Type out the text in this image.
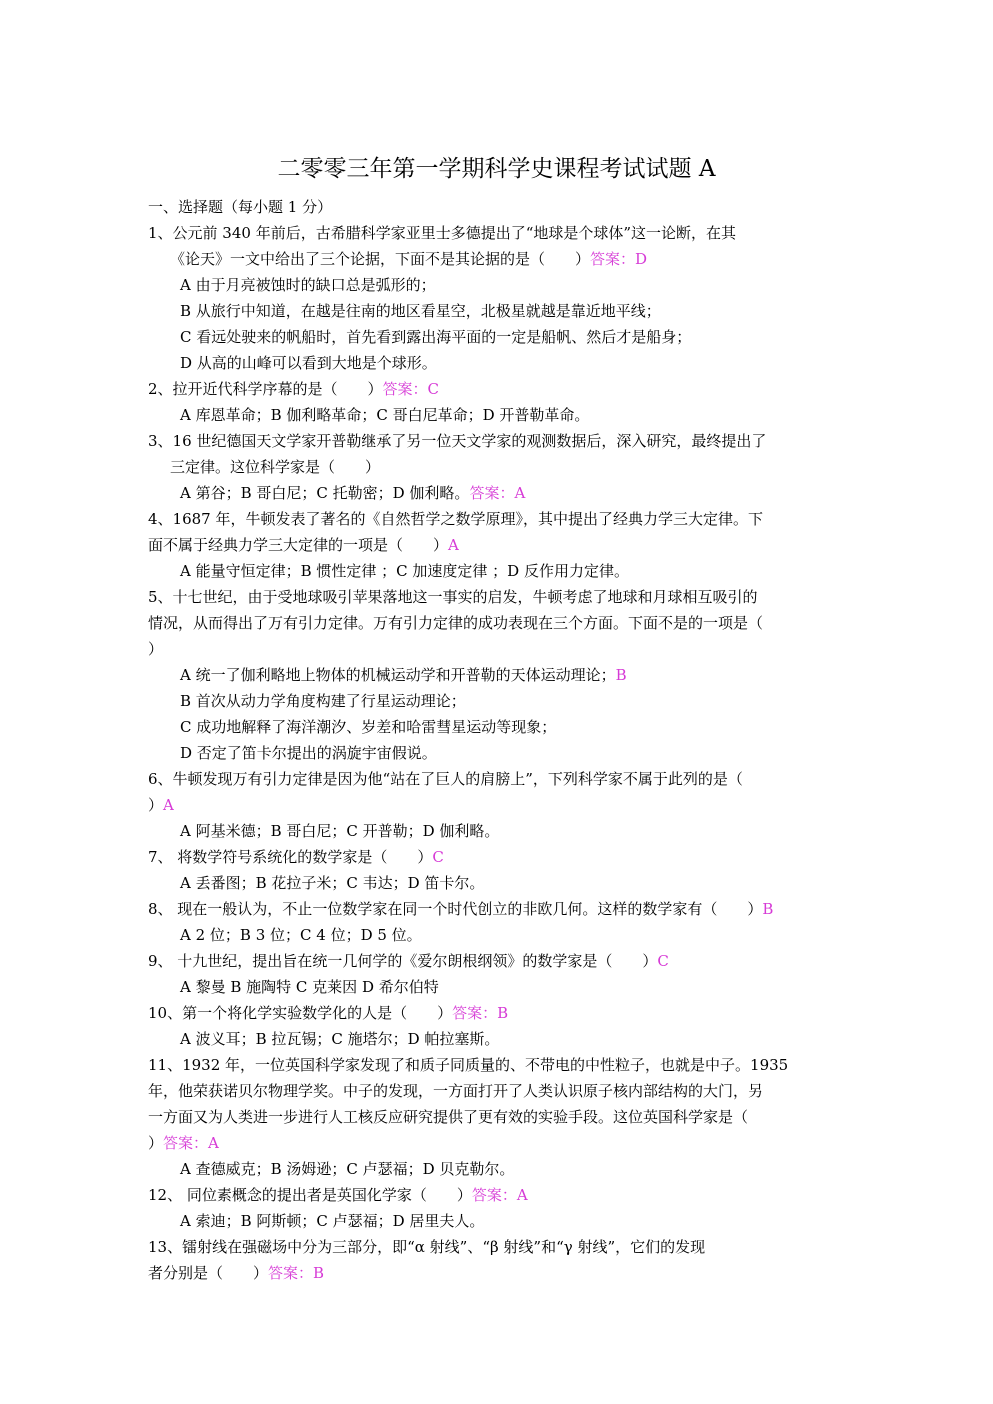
二零零三年第一学期科学史课程考试试题 A
一、选择题（每小题 1 分）
1、公元前 340 年前后，古希腊科学家亚里士多德提出了“地球是个球体”这一论断，在其
《论天》一文中给出了三个论据，下面不是其论据的是（　　）答案：D
A 由于月亮被蚀时的缺口总是弧形的；
B 从旅行中知道，在越是往南的地区看星空，北极星就越是靠近地平线；
C 看远处驶来的帆船时，首先看到露出海平面的一定是船帆、然后才是船身；
D 从高的山峰可以看到大地是个球形。
2、拉开近代科学序幕的是（　　）答案：C
A 库恩革命；B 伽利略革命；C 哥白尼革命；D 开普勒革命。
3、16 世纪德国天文学家开普勒继承了另一位天文学家的观测数据后，深入研究，最终提出了
三定律。这位科学家是（　　）
A 第谷；B 哥白尼；C 托勒密；D 伽利略。答案：A
4、1687 年，牛顿发表了著名的《自然哲学之数学原理》，其中提出了经典力学三大定律。下
面不属于经典力学三大定律的一项是（　　）A
A 能量守恒定律；B 惯性定律 ；C 加速度定律 ；D 反作用力定律。
5、十七世纪，由于受地球吸引苹果落地这一事实的启发，牛顿考虑了地球和月球相互吸引的
情况，从而得出了万有引力定律。万有引力定律的成功表现在三个方面。下面不是的一项是（
）
A 统一了伽利略地上物体的机械运动学和开普勒的天体运动理论；B
B 首次从动力学角度构建了行星运动理论；
C 成功地解释了海洋潮汐、岁差和哈雷彗星运动等现象；
D 否定了笛卡尔提出的涡旋宇宙假说。
6、牛顿发现万有引力定律是因为他“站在了巨人的肩膀上”，下列科学家不属于此列的是（
）A
A 阿基米德；B 哥白尼；C 开普勒；D 伽利略。
7、 将数学符号系统化的数学家是（　　）C
A 丢番图；B 花拉子米；C 韦达；D 笛卡尔。
8、 现在一般认为，不止一位数学家在同一个时代创立的非欧几何。这样的数学家有（　　）B
A 2 位；B 3 位；C 4 位；D 5 位。
9、 十九世纪，提出旨在统一几何学的《爱尔朗根纲领》的数学家是（　　）C
A 黎曼 B 施陶特 C 克莱因 D 希尔伯特
10、第一个将化学实验数学化的人是（　　）答案：B
A 波义耳；B 拉瓦锡；C 施塔尔；D 帕拉塞斯。
11、1932 年，一位英国科学家发现了和质子同质量的、不带电的中性粒子，也就是中子。1935
年，他荣获诺贝尔物理学奖。中子的发现，一方面打开了人类认识原子核内部结构的大门，另
一方面又为人类进一步进行人工核反应研究提供了更有效的实验手段。这位英国科学家是（
）答案：A
A 查德威克；B 汤姆逊；C 卢瑟福；D 贝克勒尔。
12、 同位素概念的提出者是英国化学家（　　）答案：A
A 索迪；B 阿斯顿；C 卢瑟福；D 居里夫人。
13、镭射线在强磁场中分为三部分，即“α 射线”、“β 射线”和“γ 射线”，它们的发现
者分别是（　　）答案：B
